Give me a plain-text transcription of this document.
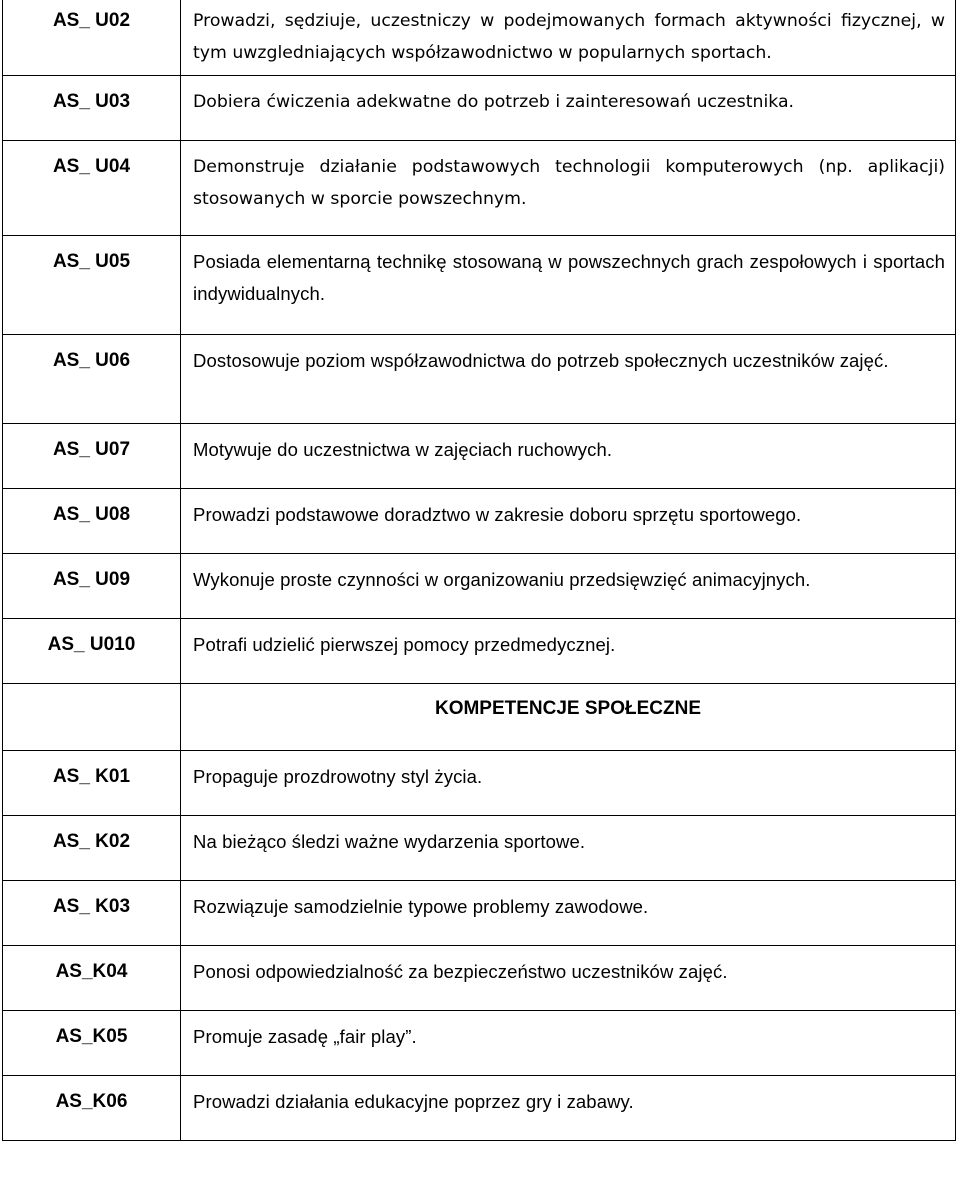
AS_ U02	Prowadzi, sędziuje, uczestniczy w podejmowanych formach aktywności fizycznej, w tym uwzgledniających współzawodnictwo w popularnych sportach.
AS_ U03	Dobiera ćwiczenia adekwatne do potrzeb i zainteresowań uczestnika.
AS_ U04	Demonstruje działanie podstawowych technologii komputerowych (np. aplikacji) stosowanych w sporcie powszechnym.
AS_ U05	Posiada elementarną technikę stosowaną w powszechnych grach zespołowych i sportach indywidualnych.
AS_ U06	Dostosowuje poziom współzawodnictwa do potrzeb społecznych uczestników zajęć.
AS_ U07	Motywuje do uczestnictwa w zajęciach ruchowych.
AS_ U08	Prowadzi podstawowe doradztwo w zakresie doboru sprzętu sportowego.
AS_ U09	Wykonuje proste czynności w organizowaniu przedsięwzięć animacyjnych.
AS_ U010	Potrafi udzielić pierwszej pomocy przedmedycznej.
	KOMPETENCJE SPOŁECZNE
AS_ K01	Propaguje prozdrowotny styl życia.
AS_ K02	Na bieżąco śledzi ważne wydarzenia sportowe.
AS_ K03	Rozwiązuje samodzielnie typowe problemy zawodowe.
AS_K04	Ponosi odpowiedzialność za bezpieczeństwo uczestników zajęć.
AS_K05	Promuje zasadę „fair play”.
AS_K06	Prowadzi działania edukacyjne poprzez gry i zabawy.
